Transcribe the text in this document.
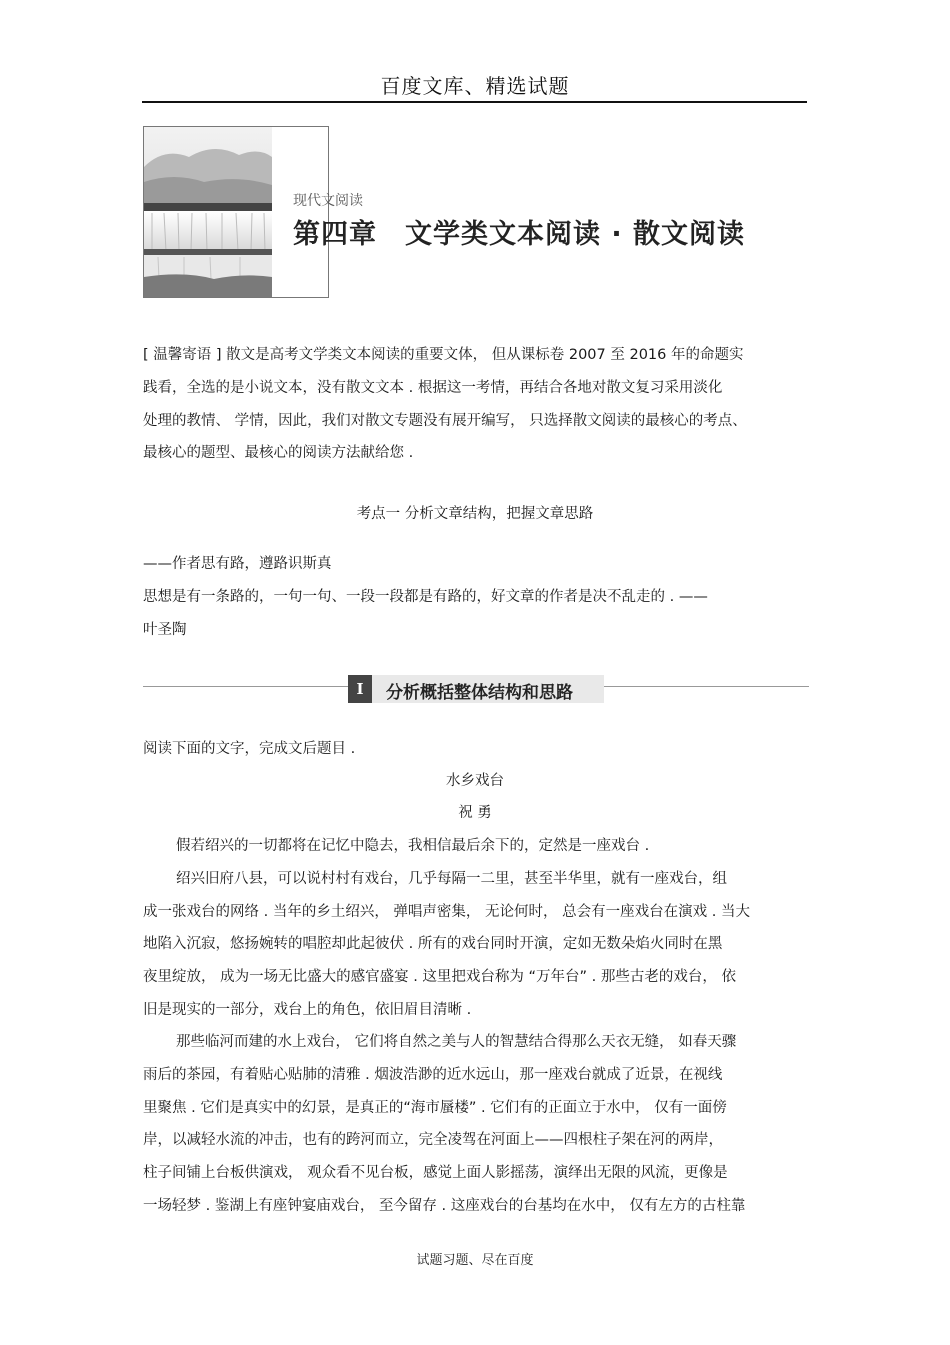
百度文库、精选试题
现代文阅读
第四章 文学类文本阅读 · 散文阅读
[ 温馨寄语 ] 散文是高考文学类文本阅读的重要文体， 但从课标卷 2007 至 2016 年的命题实
践看，全选的是小说文本，没有散文文本 . 根据这一考情，再结合各地对散文复习采用淡化
处理的教情、 学情，因此，我们对散文专题没有展开编写， 只选择散文阅读的最核心的考点、
最核心的题型、最核心的阅读方法献给您 .
考点一 分析文章结构，把握文章思路
——作者思有路，遵路识斯真
思想是有一条路的，一句一句、一段一段都是有路的，好文章的作者是决不乱走的 . ——
叶圣陶
I	分析概括整体结构和思路
阅读下面的文字，完成文后题目 .
水乡戏台
祝 勇
假若绍兴的一切都将在记忆中隐去，我相信最后余下的，定然是一座戏台 .
绍兴旧府八县，可以说村村有戏台，几乎每隔一二里，甚至半华里，就有一座戏台，组
成一张戏台的网络 . 当年的乡土绍兴， 弹唱声密集， 无论何时， 总会有一座戏台在演戏 . 当大
地陷入沉寂，悠扬婉转的唱腔却此起彼伏 . 所有的戏台同时开演，定如无数朵焰火同时在黑
夜里绽放， 成为一场无比盛大的感官盛宴 . 这里把戏台称为 “万年台” . 那些古老的戏台， 依
旧是现实的一部分，戏台上的角色，依旧眉目清晰 .
那些临河而建的水上戏台， 它们将自然之美与人的智慧结合得那么天衣无缝， 如春天骤
雨后的茶园，有着贴心贴肺的清雅 . 烟波浩渺的近水远山，那一座戏台就成了近景，在视线
里聚焦 . 它们是真实中的幻景，是真正的“海市蜃楼” . 它们有的正面立于水中， 仅有一面傍
岸，以减轻水流的冲击，也有的跨河而立，完全凌驾在河面上——四根柱子架在河的两岸，
柱子间铺上台板供演戏， 观众看不见台板，感觉上面人影摇荡，演绎出无限的风流，更像是
一场轻梦 . 鉴湖上有座钟宴庙戏台， 至今留存 . 这座戏台的台基均在水中， 仅有左方的古柱靠
试题习题、尽在百度
